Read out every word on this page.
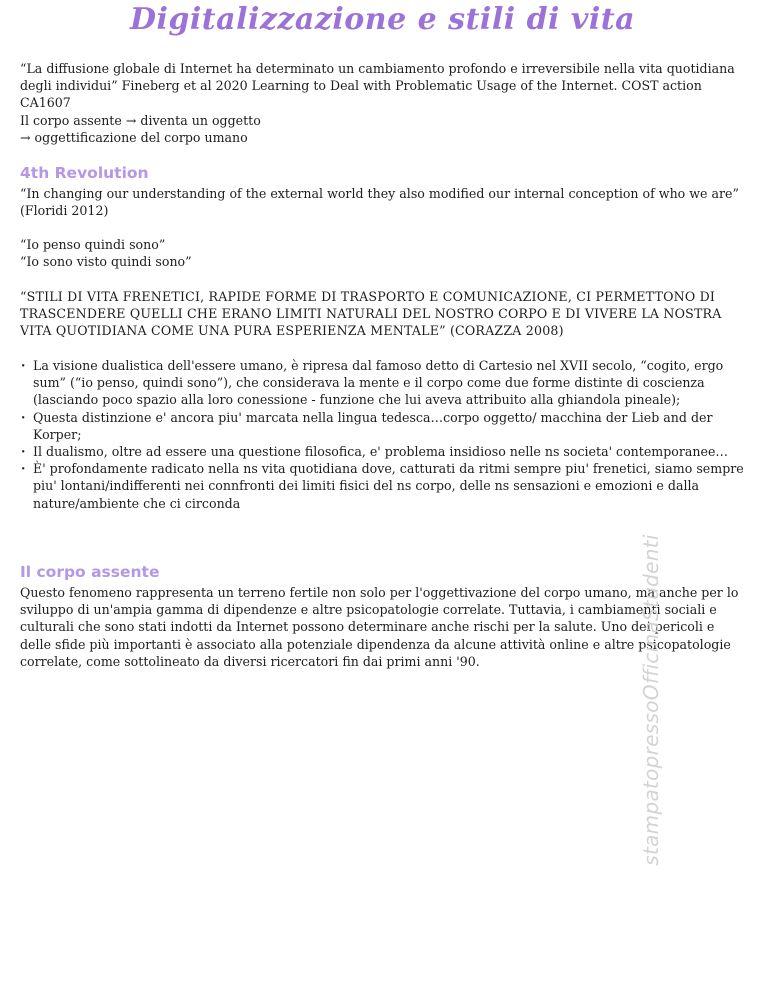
Digitalizzazione e stili di vita

“La diffusione globale di Internet ha determinato un cambiamento profondo e irreversibile nella vita quotidiana degli individui” Fineberg et al 2020 Learning to Deal with Problematic Usage of the Internet. COST action CA1607

Il corpo assente → diventa un oggetto

→ oggettificazione del corpo umano

4th Revolution

“In changing our understanding of the external world they also modified our internal conception of who we are” (Floridi 2012)

“Io penso quindi sono”

“Io sono visto quindi sono”

“STILI DI VITA FRENETICI, RAPIDE FORME DI TRASPORTO E COMUNICAZIONE, CI PERMETTONO DI TRASCENDERE QUELLI CHE ERANO LIMITI NATURALI DEL NOSTRO CORPO E DI VIVERE LA NOSTRA VITA QUOTIDIANA COME UNA PURA ESPERIENZA MENTALE” (CORAZZA 2008)

· La visione dualistica dell'essere umano, è ripresa dal famoso detto di Cartesio nel XVII secolo, “cogito, ergo sum” (“io penso, quindi sono”), che considerava la mente e il corpo come due forme distinte di coscienza (lasciando poco spazio alla loro conessione - funzione che lui aveva attribuito alla ghiandola pineale);
· Questa distinzione e' ancora piu' marcata nella lingua tedesca…corpo oggetto/ macchina der Lieb and der Korper;
· Il dualismo, oltre ad essere una questione filosofica, e' problema insidioso nelle ns societa' contemporanee…
· È' profondamente radicato nella ns vita quotidiana dove, catturati da ritmi sempre piu' frenetici, siamo sempre piu' lontani/indifferenti nei connfronti dei limiti fisici del ns corpo, delle ns sensazioni e emozioni e dalla nature/ambiente che ci circonda
Il corpo assente

Questo fenomeno rappresenta un terreno fertile non solo per l'oggettivazione del corpo umano, ma anche per lo sviluppo di un'ampia gamma di dipendenze e altre psicopatologie correlate. Tuttavia, i cambiamenti sociali e culturali che sono stati indotti da Internet possono determinare anche rischi per la salute. Uno dei pericoli e delle sfide più importanti è associato alla potenziale dipendenza da alcune attività online e altre psicopatologie correlate, come sottolineato da diversi ricercatori fin dai primi anni '90.	stampatopressoOfficinaStudenti
